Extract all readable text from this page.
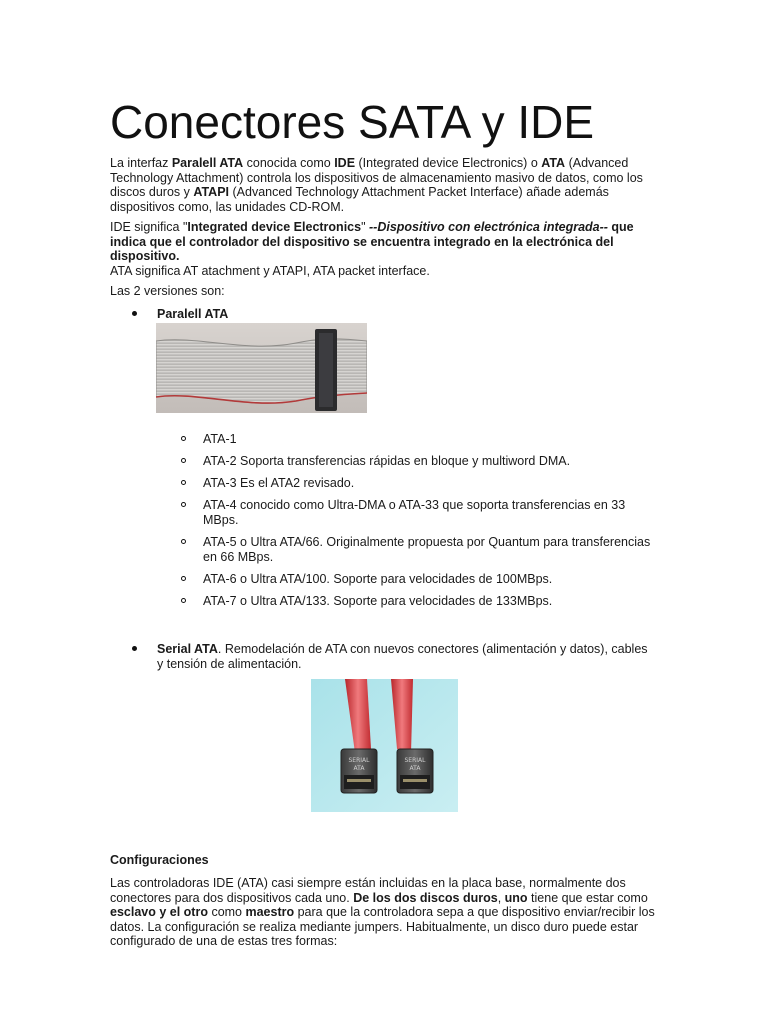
Conectores SATA y IDE

La interfaz Paralell ATA conocida como IDE (Integrated device Electronics) o ATA (Advanced Technology Attachment) controla los dispositivos de almacenamiento masivo de datos, como los discos duros y ATAPI (Advanced Technology Attachment Packet Interface) añade además dispositivos como, las unidades CD-ROM.

IDE significa "Integrated device Electronics" --Dispositivo con electrónica integrada-- que indica que el controlador del dispositivo se encuentra integrado en la electrónica del dispositivo.

ATA significa AT atachment y ATAPI, ATA packet interface.

Las 2 versiones son:

Paralell ATA
ATA-1
ATA-2 Soporta transferencias rápidas en bloque y multiword DMA.
ATA-3 Es el ATA2 revisado.
ATA-4 conocido como Ultra-DMA o ATA-33 que soporta transferencias en 33 MBps.
ATA-5 o Ultra ATA/66. Originalmente propuesta por Quantum para transferencias en 66 MBps.
ATA-6 o Ultra ATA/100. Soporte para velocidades de 100MBps.
ATA-7 o Ultra ATA/133. Soporte para velocidades de 133MBps.
Serial ATA. Remodelación de ATA con nuevos conectores (alimentación y datos), cables y tensión de alimentación.
SERIAL
ATA
SERIAL
ATA
Configuraciones

Las controladoras IDE (ATA) casi siempre están incluidas en la placa base, normalmente dos conectores para dos dispositivos cada uno. De los dos discos duros, uno tiene que estar como esclavo y el otro como maestro para que la controladora sepa a que dispositivo enviar/recibir los datos. La configuración se realiza mediante jumpers. Habitualmente, un disco duro puede estar configurado de una de estas tres formas:
